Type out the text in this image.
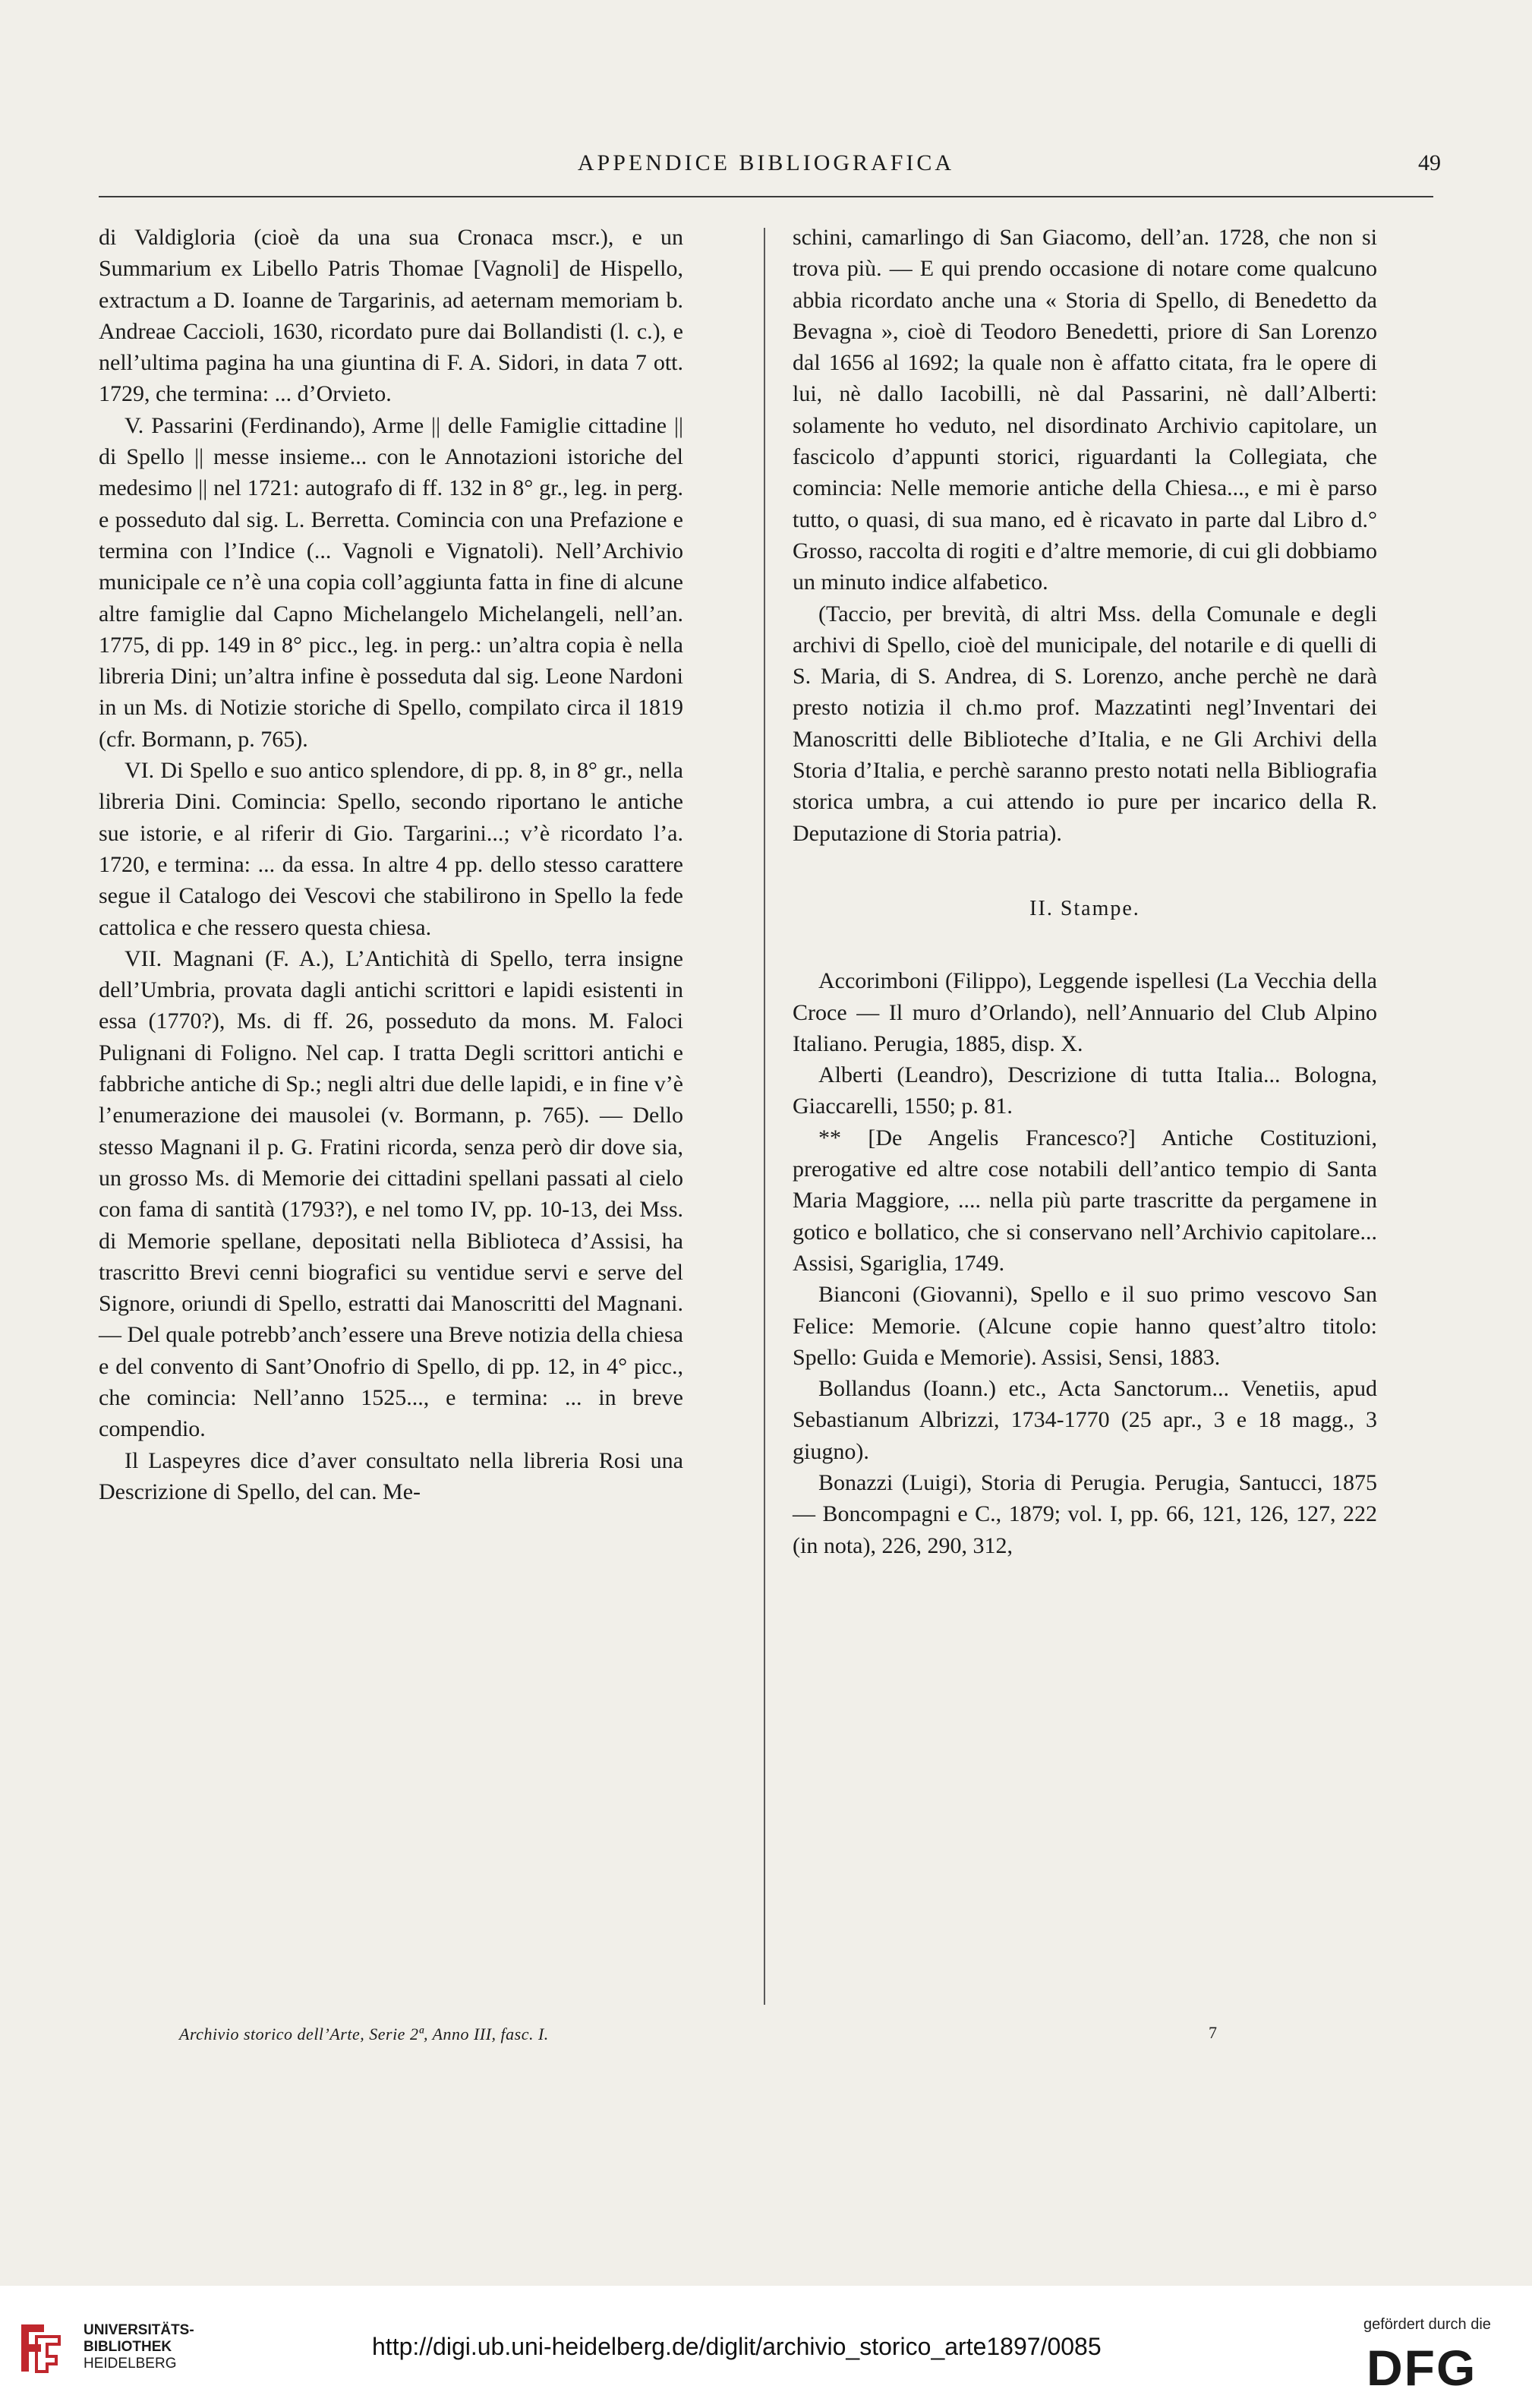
APPENDICE BIBLIOGRAFICA	49

di Valdigloria (cioè da una sua Cronaca mscr.), e un Summarium ex Libello Patris Thomae [Vagnoli] de Hispello, extractum a D. Ioanne de Targarinis, ad aeternam memoriam b. Andreae Caccioli, 1630, ricordato pure dai Bollandisti (l. c.), e nell’ultima pagina ha una giuntina di F. A. Sidori, in data 7 ott. 1729, che termina: ... d’Orvieto.

V. Passarini (Ferdinando), Arme || delle Famiglie cittadine || di Spello || messe insieme... con le Annotazioni istoriche del medesimo || nel 1721: autografo di ff. 132 in 8° gr., leg. in perg. e posseduto dal sig. L. Berretta. Comincia con una Prefazione e termina con l’Indice (... Vagnoli e Vignatoli). Nell’Archivio municipale ce n’è una copia coll’aggiunta fatta in fine di alcune altre famiglie dal Capno Michelangelo Michelangeli, nell’an. 1775, di pp. 149 in 8° picc., leg. in perg.: un’altra copia è nella libreria Dini; un’altra infine è posseduta dal sig. Leone Nardoni in un Ms. di Notizie storiche di Spello, compilato circa il 1819 (cfr. Bormann, p. 765).

VI. Di Spello e suo antico splendore, di pp. 8, in 8° gr., nella libreria Dini. Comincia: Spello, secondo riportano le antiche sue istorie, e al riferir di Gio. Targarini...; v’è ricordato l’a. 1720, e termina: ... da essa. In altre 4 pp. dello stesso carattere segue il Catalogo dei Vescovi che stabilirono in Spello la fede cattolica e che ressero questa chiesa.

VII. Magnani (F. A.), L’Antichità di Spello, terra insigne dell’Umbria, provata dagli antichi scrittori e lapidi esistenti in essa (1770?), Ms. di ff. 26, posseduto da mons. M. Faloci Pulignani di Foligno. Nel cap. I tratta Degli scrittori antichi e fabbriche antiche di Sp.; negli altri due delle lapidi, e in fine v’è l’enumerazione dei mausolei (v. Bormann, p. 765). — Dello stesso Magnani il p. G. Fratini ricorda, senza però dir dove sia, un grosso Ms. di Memorie dei cittadini spellani passati al cielo con fama di santità (1793?), e nel tomo IV, pp. 10-13, dei Mss. di Memorie spellane, depositati nella Biblioteca d’Assisi, ha trascritto Brevi cenni biografici su ventidue servi e serve del Signore, oriundi di Spello, estratti dai Manoscritti del Magnani. — Del quale potrebb’anch’essere una Breve notizia della chiesa e del convento di Sant’Onofrio di Spello, di pp. 12, in 4° picc., che comincia: Nell’anno 1525..., e termina: ... in breve compendio.

Il Laspeyres dice d’aver consultato nella libreria Rosi una Descrizione di Spello, del can. Me-

schini, camarlingo di San Giacomo, dell’an. 1728, che non si trova più. — E qui prendo occasione di notare come qualcuno abbia ricordato anche una « Storia di Spello, di Benedetto da Bevagna », cioè di Teodoro Benedetti, priore di San Lorenzo dal 1656 al 1692; la quale non è affatto citata, fra le opere di lui, nè dallo Iacobilli, nè dal Passarini, nè dall’Alberti: solamente ho veduto, nel disordinato Archivio capitolare, un fascicolo d’appunti storici, riguardanti la Collegiata, che comincia: Nelle memorie antiche della Chiesa..., e mi è parso tutto, o quasi, di sua mano, ed è ricavato in parte dal Libro d.° Grosso, raccolta di rogiti e d’altre memorie, di cui gli dobbiamo un minuto indice alfabetico.

(Taccio, per brevità, di altri Mss. della Comunale e degli archivi di Spello, cioè del municipale, del notarile e di quelli di S. Maria, di S. Andrea, di S. Lorenzo, anche perchè ne darà presto notizia il ch.mo prof. Mazzatinti negl’Inventari dei Manoscritti delle Biblioteche d’Italia, e ne Gli Archivi della Storia d’Italia, e perchè saranno presto notati nella Bibliografia storica umbra, a cui attendo io pure per incarico della R. Deputazione di Storia patria).

II. Stampe.

Accorimboni (Filippo), Leggende ispellesi (La Vecchia della Croce — Il muro d’Orlando), nell’Annuario del Club Alpino Italiano. Perugia, 1885, disp. X.

Alberti (Leandro), Descrizione di tutta Italia... Bologna, Giaccarelli, 1550; p. 81.

** [De Angelis Francesco?] Antiche Costituzioni, prerogative ed altre cose notabili dell’antico tempio di Santa Maria Maggiore, .... nella più parte trascritte da pergamene in gotico e bollatico, che si conservano nell’Archivio capitolare... Assisi, Sgariglia, 1749.

Bianconi (Giovanni), Spello e il suo primo vescovo San Felice: Memorie. (Alcune copie hanno quest’altro titolo: Spello: Guida e Memorie). Assisi, Sensi, 1883.

Bollandus (Ioann.) etc., Acta Sanctorum... Venetiis, apud Sebastianum Albrizzi, 1734-1770 (25 apr., 3 e 18 magg., 3 giugno).

Bonazzi (Luigi), Storia di Perugia. Perugia, Santucci, 1875 — Boncompagni e C., 1879; vol. I, pp. 66, 121, 126, 127, 222 (in nota), 226, 290, 312,

Archivio storico dell’Arte, Serie 2ª, Anno III, fasc. I.	7
UNIVERSITÄTS-
BIBLIOTHEK
HEIDELBERG
http://digi.ub.uni-heidelberg.de/diglit/archivio_storico_arte1897/0085
gefördert durch die
DFG
